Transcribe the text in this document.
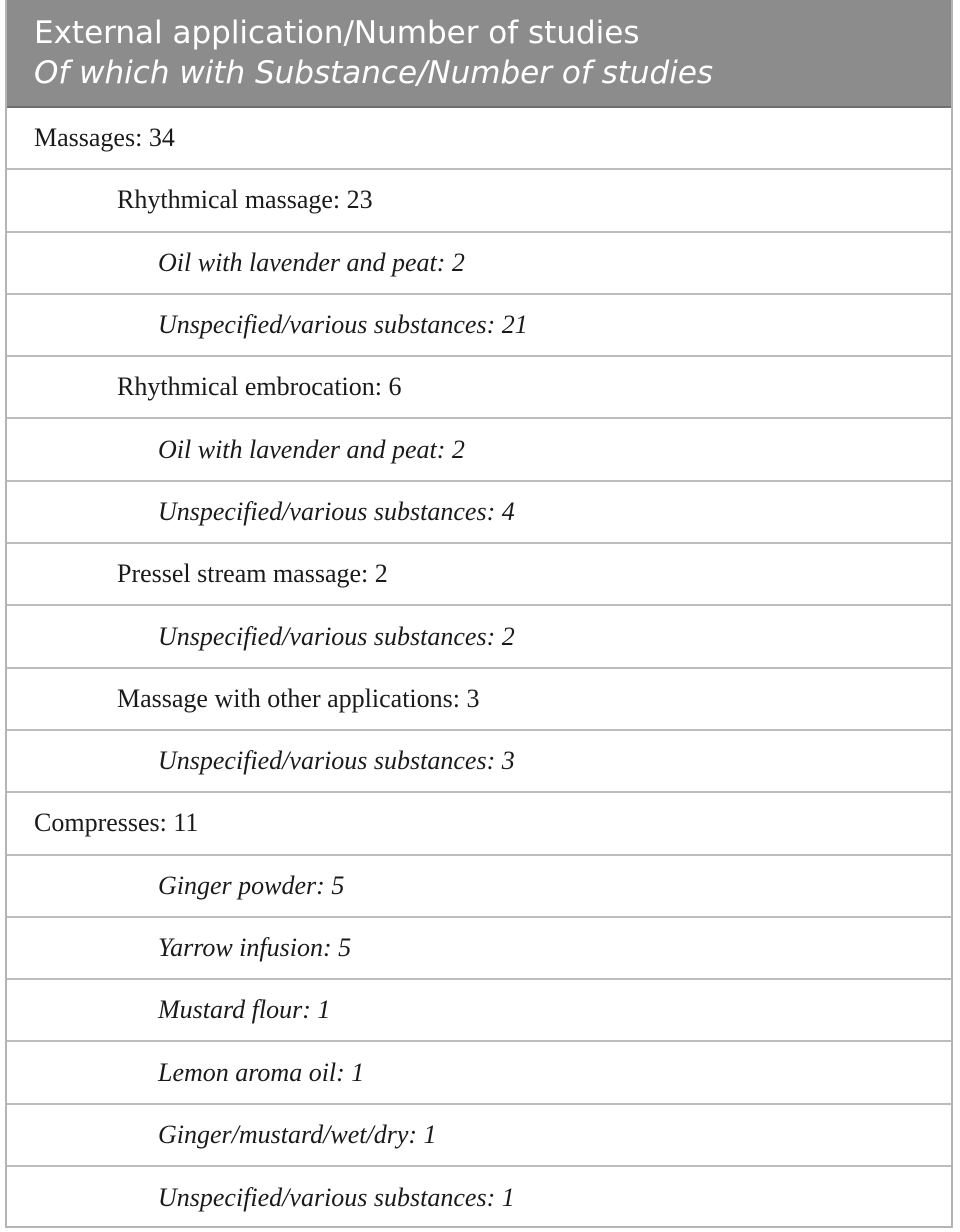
External application/Number of studies
Of which with Substance/Number of studies
Massages: 34
Rhythmical massage: 23
Oil with lavender and peat: 2
Unspecified/various substances: 21
Rhythmical embrocation: 6
Oil with lavender and peat: 2
Unspecified/various substances: 4
Pressel stream massage: 2
Unspecified/various substances: 2
Massage with other applications: 3
Unspecified/various substances: 3
Compresses: 11
Ginger powder: 5
Yarrow infusion: 5
Mustard flour: 1
Lemon aroma oil: 1
Ginger/mustard/wet/dry: 1
Unspecified/various substances: 1
